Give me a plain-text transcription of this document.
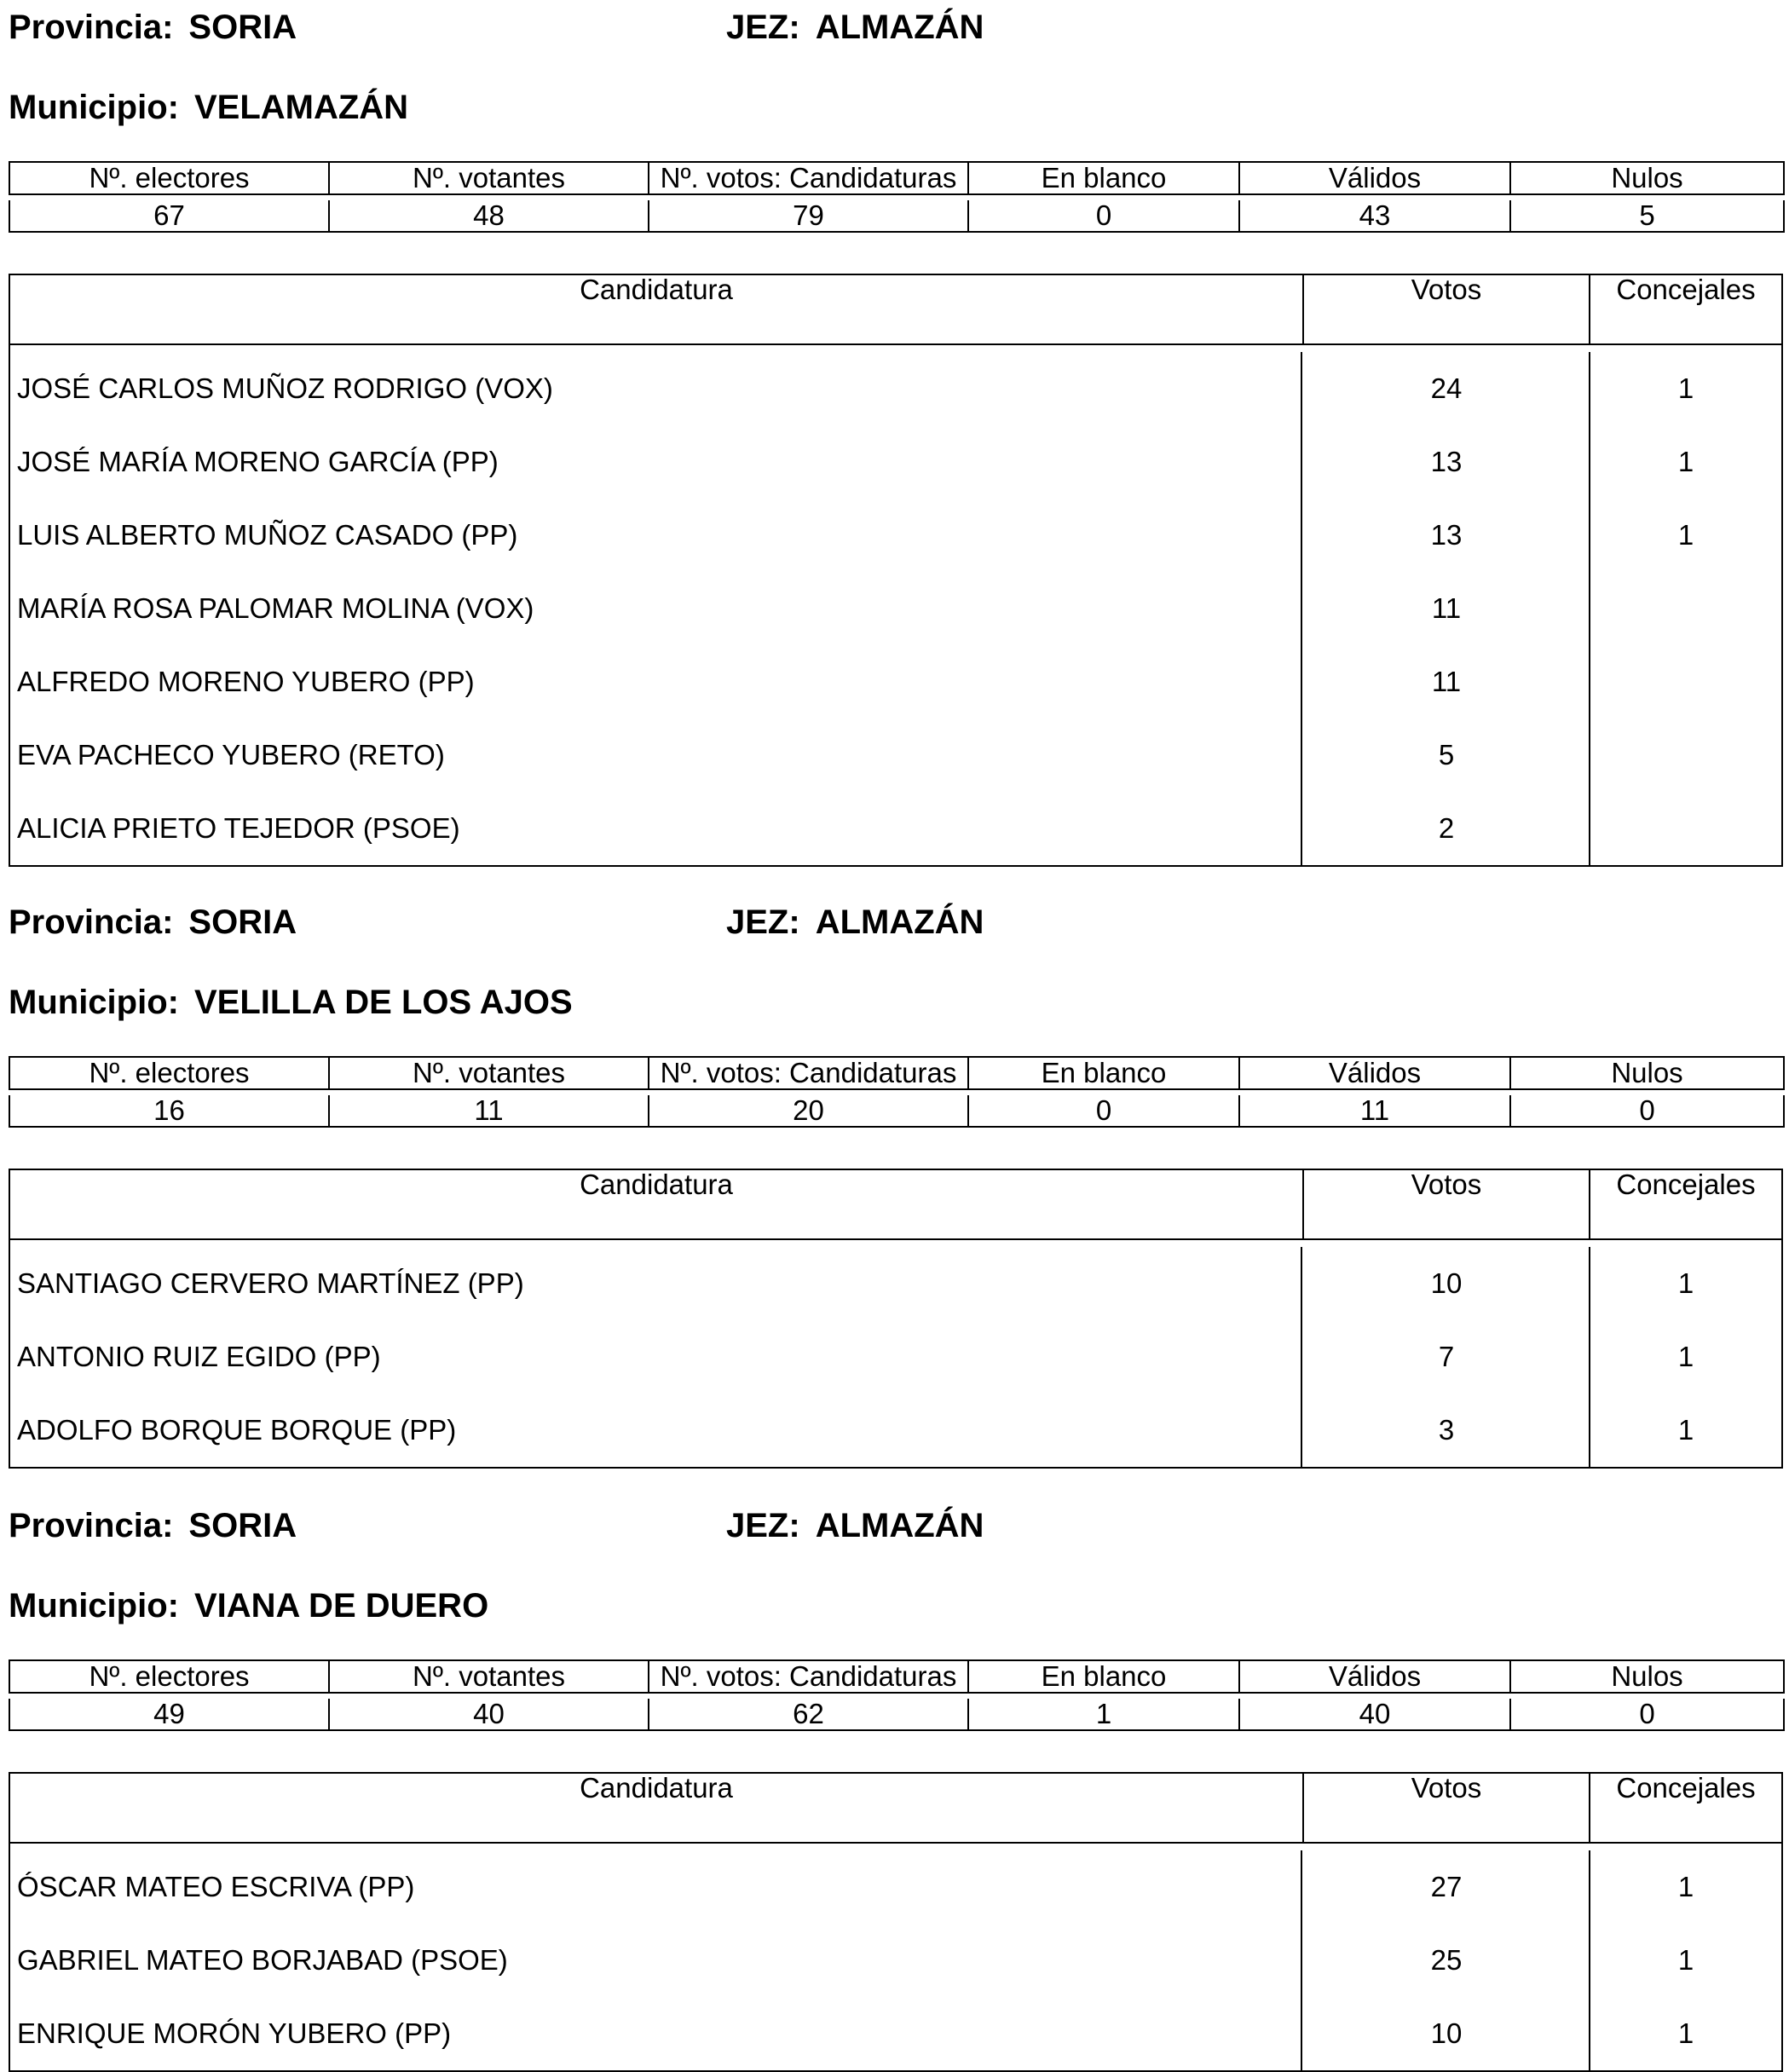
Provincia: SORIA	JEZ: ALMAZÁN
Municipio: VELAMAZÁN
Nº. electores	Nº. votantes	Nº. votos: Candidaturas	En blanco	Válidos	Nulos

67	48	79	0	43	5
Candidatura	Votos	Concejales
JOSÉ CARLOS MUÑOZ RODRIGO (VOX)	24	1
JOSÉ MARÍA MORENO GARCÍA (PP)	13	1
LUIS ALBERTO MUÑOZ CASADO (PP)	13	1
MARÍA ROSA PALOMAR MOLINA (VOX)	11
ALFREDO MORENO YUBERO (PP)	11
EVA PACHECO YUBERO (RETO)	5
ALICIA PRIETO TEJEDOR (PSOE)	2
Provincia: SORIA	JEZ: ALMAZÁN
Municipio: VELILLA DE LOS AJOS
Nº. electores	Nº. votantes	Nº. votos: Candidaturas	En blanco	Válidos	Nulos

16	11	20	0	11	0
Candidatura	Votos	Concejales
SANTIAGO CERVERO MARTÍNEZ (PP)	10	1
ANTONIO RUIZ EGIDO (PP)	7	1
ADOLFO BORQUE BORQUE (PP)	3	1
Provincia: SORIA	JEZ: ALMAZÁN
Municipio: VIANA DE DUERO
Nº. electores	Nº. votantes	Nº. votos: Candidaturas	En blanco	Válidos	Nulos

49	40	62	1	40	0
Candidatura	Votos	Concejales
ÓSCAR MATEO ESCRIVA (PP)	27	1
GABRIEL MATEO BORJABAD (PSOE)	25	1
ENRIQUE MORÓN YUBERO (PP)	10	1
